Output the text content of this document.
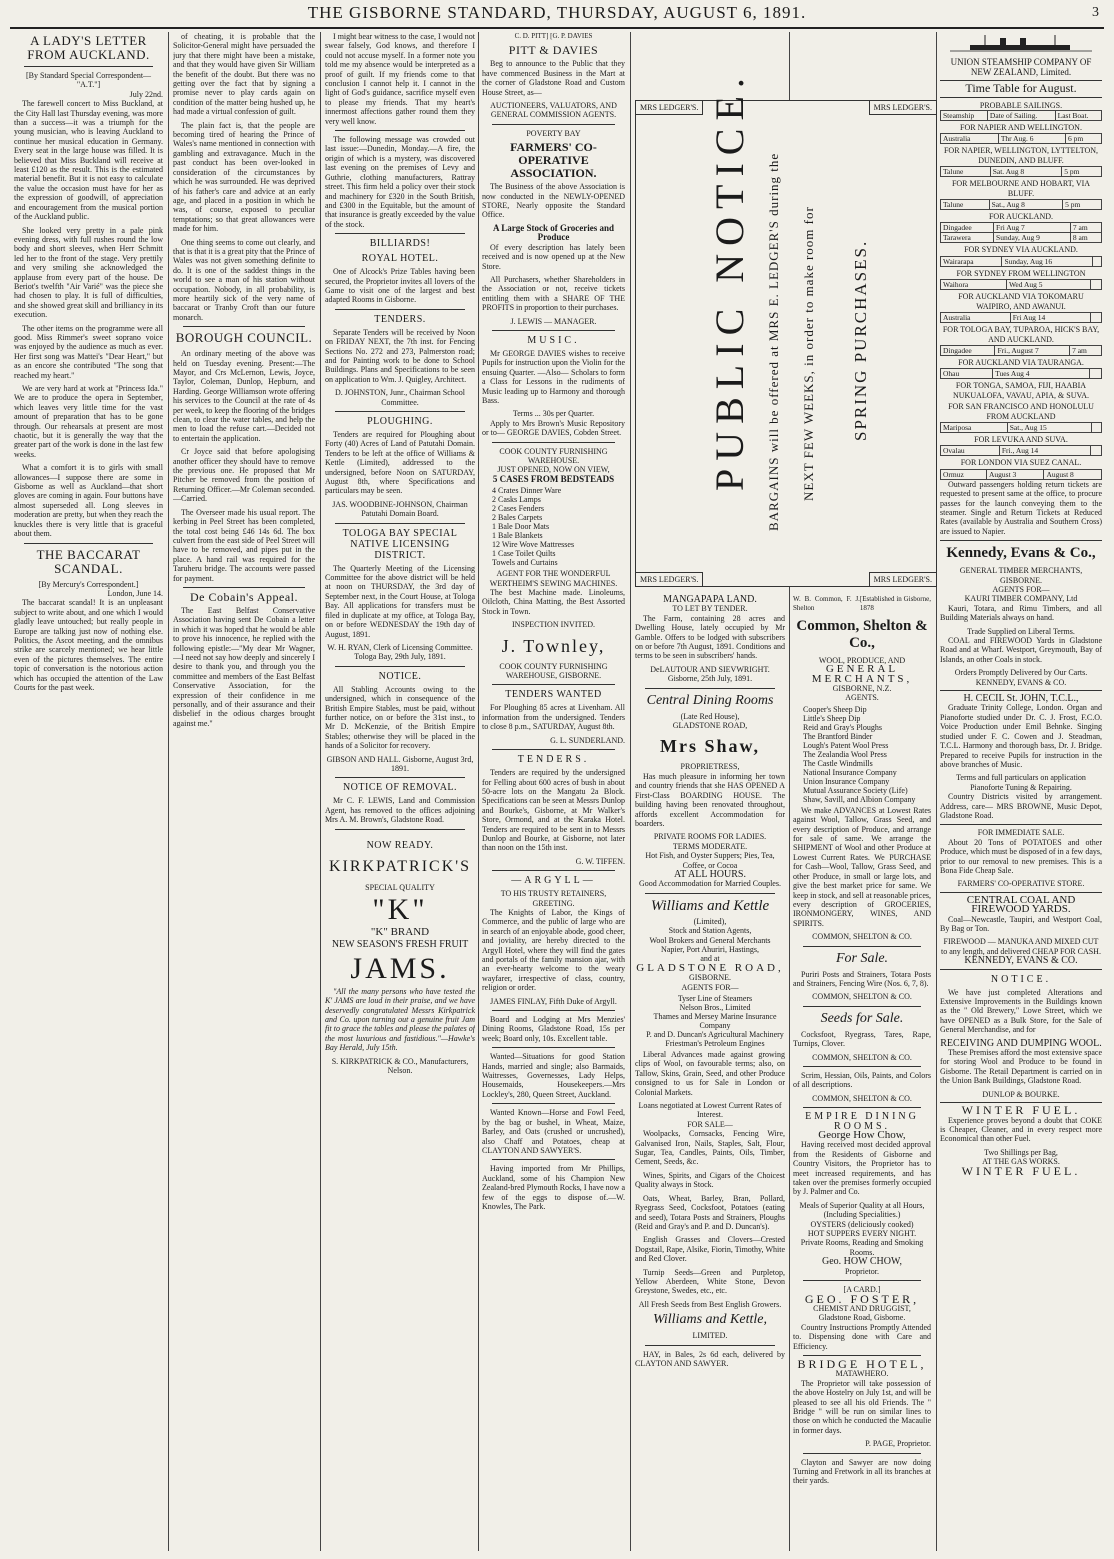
THE GISBORNE STANDARD, THURSDAY, AUGUST 6, 1891.	3
A LADY'S LETTER FROM AUCKLAND.
[By Standard Special Correspondent— "A.T."]
July 22nd.

The farewell concert to Miss Buckland, at the City Hall last Thursday evening, was more than a success—it was a triumph for the young musician, who is leaving Auckland to continue her musical education in Germany. Every seat in the large house was filled. It is believed that Miss Buckland will receive at least £120 as the result. This is the estimated material benefit. But it is not easy to calculate the value the occasion must have for her as the expression of goodwill, of appreciation and encouragement from the musical portion of the Auckland public.

She looked very pretty in a pale pink evening dress, with full rushes round the low body and short sleeves, when Herr Schmitt led her to the front of the stage. Very prettily and very smiling she acknowledged the applause from every part of the house. De Beriot's twelfth "Air Varié" was the piece she had chosen to play. It is full of difficulties, and she showed great skill and brilliancy in its execution.

The other items on the programme were all good. Miss Rimmer's sweet soprano voice was enjoyed by the audience as much as ever. Her first song was Mattei's "Dear Heart," but as an encore she contributed "The song that reached my heart."

We are very hard at work at "Princess Ida." We are to produce the opera in September, which leaves very little time for the vast amount of preparation that has to be gone through. Our rehearsals at present are most chaotic, but it is generally the way that the greater part of the work is done in the last few weeks.

What a comfort it is to girls with small allowances—I suppose there are some in Gisborne as well as Auckland—that short gloves are coming in again. Four buttons have almost superseded all. Long sleeves in moderation are pretty, but when they reach the knuckles there is very little that is graceful about them.

THE BACCARAT SCANDAL.
[By Mercury's Correspondent.]
London, June 14.

The baccarat scandal! It is an unpleasant subject to write about, and one which I would gladly leave untouched; but really people in Europe are talking just now of nothing else. Politics, the Ascot meeting, and the omnibus strike are scarcely mentioned; we hear little even of the pictures themselves. The entire topic of conversation is the notorious action which has occupied the attention of the Law Courts for the past week.

of cheating, it is probable that the Solicitor-General might have persuaded the jury that there might have been a mistake, and that they would have given Sir William the benefit of the doubt. But there was no getting over the fact that by signing a promise never to play cards again on condition of the matter being hushed up, he had made a virtual confession of guilt.

The plain fact is, that the people are becoming tired of hearing the Prince of Wales's name mentioned in connection with gambling and extravagance. Much in the past conduct has been over-looked in consideration of the circumstances by which he was surrounded. He was deprived of his father's care and advice at an early age, and placed in a position in which he was, of course, exposed to peculiar temptations; so that great allowances were made for him.

One thing seems to come out clearly, and that is that it is a great pity that the Prince of Wales was not given something definite to do. It is one of the saddest things in the world to see a man of his station without occupation. Nobody, in all probability, is more heartily sick of the very name of baccarat or Tranby Croft than our future monarch.

BOROUGH COUNCIL.

An ordinary meeting of the above was held on Tuesday evening. Present:—The Mayor, and Crs McLernon, Lewis, Joyce, Taylor, Coleman, Dunlop, Hepburn, and Harding. George Williamson wrote offering his services to the Council at the rate of 4s per week, to keep the flooring of the bridges clean, to clear the water tables, and help the men to load the refuse cart.—Decided not to entertain the application.

Cr Joyce said that before apologising another officer they should have to remove the previous one. He proposed that Mr Pitcher be removed from the position of Returning Officer.—Mr Coleman seconded.—Carried.

The Overseer made his usual report. The kerbing in Peel Street has been completed, the total cost being £46 14s 6d. The box culvert from the east side of Peel Street will have to be removed, and pipes put in the place. A hand rail was required for the Taruheru bridge. The accounts were passed for payment.

De Cobain's Appeal.

The East Belfast Conservative Association having sent De Cobain a letter in which it was hoped that he would be able to prove his innocence, he replied with the following epistle:—"My dear Mr Wagner,—I need not say how deeply and sincerely I desire to thank you, and through you the committee and members of the East Belfast Conservative Association, for the expression of their confidence in me personally, and of their assurance and their disbelief in the odious charges brought against me."

I might bear witness to the case, I would not swear falsely, God knows, and therefore I could not accuse myself. In a former note you told me my absence would be interpreted as a proof of guilt. If my friends come to that conclusion I cannot help it. I cannot in the light of God's guidance, sacrifice myself even to please my friends. That my heart's innermost affections gather round them they very well know.

The following message was crowded out last issue:—Dunedin, Monday.—A fire, the origin of which is a mystery, was discovered last evening on the premises of Levy and Guthrie, clothing manufacturers, Rattray street. This firm held a policy over their stock and machinery for £320 in the South British, and £300 in the Equitable, but the amount of that insurance is greatly exceeded by the value of the stock.

BILLIARDS!
ROYAL HOTEL.

One of Alcock's Prize Tables having been secured, the Proprietor invites all lovers of the Game to visit one of the largest and best adapted Rooms in Gisborne.

TENDERS.

Separate Tenders will be received by Noon on FRIDAY NEXT, the 7th inst. for Fencing Sections No. 272 and 273, Palmerston road; and for Painting work to be done to School Buildings. Plans and Specifications to be seen on application to Wm. J. Quigley, Architect.

D. JOHNSTON, Junr., Chairman School Committee.
PLOUGHING.

Tenders are required for Ploughing about Forty (40) Acres of Land of Patutahi Domain. Tenders to be left at the office of Williams & Kettle (Limited), addressed to the undersigned, before Noon on SATURDAY, August 8th, where Specifications and particulars may be seen.

JAS. WOODBINE-JOHNSON, Chairman Patutahi Domain Board.
TOLOGA BAY SPECIAL NATIVE LICENSING DISTRICT.

The Quarterly Meeting of the Licensing Committee for the above district will be held at noon on THURSDAY, the 3rd day of September next, in the Court House, at Tologa Bay. All applications for transfers must be filed in duplicate at my office, at Tologa Bay, on or before WEDNESDAY the 19th day of August, 1891.

W. H. RYAN, Clerk of Licensing Committee. Tologa Bay, 29th July, 1891.
NOTICE.

All Stabling Accounts owing to the undersigned, which in consequence of the British Empire Stables, must be paid, without further notice, on or before the 31st inst., to Mr D. McKenzie, of the British Empire Stables; otherwise they will be placed in the hands of a Solicitor for recovery.

GIBSON AND HALL. Gisborne, August 3rd, 1891.
NOTICE OF REMOVAL.

Mr C. F. LEWIS, Land and Commission Agent, has removed to the offices adjoining Mrs A. M. Brown's, Gladstone Road.

NOW READY.
KIRKPATRICK'S
SPECIAL QUALITY
"K"
"K" BRAND
NEW SEASON'S FRESH FRUIT
JAMS.

"All the many persons who have tested the K' JAMS are loud in their praise, and we have deservedly congratulated Messrs Kirkpatrick and Co. upon turning out a genuine fruit Jam fit to grace the tables and please the palates of the most luxurious and fastidious."—Hawke's Bay Herald, July 15th.

S. KIRKPATRICK & CO., Manufacturers, Nelson.
C. D. PITT] [G. P. DAVIES
PITT & DAVIES

Beg to announce to the Public that they have commenced Business in the Mart at the corner of Gladstone Road and Custom House Street, as—

AUCTIONEERS, VALUATORS, AND GENERAL COMMISSION AGENTS.
POVERTY BAY
FARMERS' CO-OPERATIVE ASSOCIATION.

The Business of the above Association is now conducted in the NEWLY-OPENED STORE, Nearly opposite the Standard Office.

A Large Stock of Groceries and Produce

Of every description has lately been received and is now opened up at the New Store.

All Purchasers, whether Shareholders in the Association or not, receive tickets entitling them with a SHARE OF THE PROFITS in proportion to their purchases.

J. LEWIS — MANAGER.
MUSIC.

Mr GEORGE DAVIES wishes to receive Pupils for instruction upon the Violin for the ensuing Quarter. —Also— Scholars to form a Class for Lessons in the rudiments of Music leading up to Harmony and thorough Bass.

Terms ... 30s per Quarter.

Apply to Mrs Brown's Music Repository or to— GEORGE DAVIES, Cobden Street.

COOK COUNTY FURNISHING WAREHOUSE.
JUST OPENED, NOW ON VIEW,
5 CASES FROM BEDSTEADS
4 Crates Dinner Ware
2 Casks Lamps
2 Cases Fenders
2 Bales Carpets
1 Bale Door Mats
1 Bale Blankets
12 Wire Wove Mattresses
1 Case Toilet Quilts
Towels and Curtains
AGENT FOR THE WONDERFUL WERTHEIM'S SEWING MACHINES.

The best Machine made. Linoleums, Oilcloth, China Matting, the Best Assorted Stock in Town.

INSPECTION INVITED.
J. Townley,
COOK COUNTY FURNISHING WAREHOUSE, GISBORNE.
TENDERS WANTED

For Ploughing 85 acres at Livenham. All information from the undersigned. Tenders to close 8 p.m., SATURDAY, August 8th.

G. L. SUNDERLAND.
TENDERS.

Tenders are required by the undersigned for Felling about 600 acres of bush in about 50-acre lots on the Mangatu 2a Block. Specifications can be seen at Messrs Dunlop and Bourke's, Gisborne, at Mr Walker's Store, Ormond, and at the Karaka Hotel. Tenders are required to be sent in to Messrs Dunlop and Bourke, at Gisborne, not later than noon on the 15th inst.

G. W. TIFFEN.
—ARGYLL—
TO HIS TRUSTY RETAINERS, GREETING.

The Knights of Labor, the Kings of Commerce, and the public of large who are in search of an enjoyable abode, good cheer, and joviality, are hereby directed to the Argyll Hotel, where they will find the gates and portals of the family mansion ajar, with an ever-hearty welcome to the weary wayfarer, irrespective of class, country, religion or order.

JAMES FINLAY, Fifth Duke of Argyll.

Board and Lodging at Mrs Menzies' Dining Rooms, Gladstone Road, 15s per week; Board only, 10s. Excellent table.

Wanted—Situations for good Station Hands, married and single; also Barmaids, Waitresses, Governesses, Lady Helps, Housemaids, Housekeepers.—Mrs Lockley's, 280, Queen Street, Auckland.

Wanted Known—Horse and Fowl Feed, by the bag or bushel, in Wheat, Maize, Barley, and Oats (crushed or uncrushed), also Chaff and Potatoes, cheap at CLAYTON AND SAWYER'S.

Having imported from Mr Phillips, Auckland, some of his Champion New Zealand-bred Plymouth Rocks, I have now a few of the eggs to dispose of.—W. Knowles, The Park.

MRS LEDGER'S.	MRS LEDGER'S.
MRS LEDGER'S.	MRS LEDGER'S.
PUBLIC NOTICE. BARGAINS will be offered at MRS E. LEDGER'S during the NEXT FEW WEEKS, in order to make room for SPRING PURCHASES.
MANGAPAPA LAND.
TO LET BY TENDER.

The Farm, containing 28 acres and Dwelling House, lately occupied by Mr Gamble. Offers to be lodged with subscribers on or before 7th August, 1891. Conditions and terms to be seen in subscribers' hands.

DeLAUTOUR AND SIEVWRIGHT. Gisborne, 25th July, 1891.
Central Dining Rooms
(Late Red House),
GLADSTONE ROAD,
Mrs Shaw,
PROPRIETRESS,

Has much pleasure in informing her town and country friends that she HAS OPENED A First-Class BOARDING HOUSE. The building having been renovated throughout, affords excellent Accommodation for boarders.

PRIVATE ROOMS FOR LADIES.
TERMS MODERATE.
Hot Fish, and Oyster Suppers; Pies, Tea, Coffee, or Cocoa
AT ALL HOURS.
Good Accommodation for Married Couples.
Williams and Kettle
(Limited),
Stock and Station Agents,
Wool Brokers and General Merchants
Napier, Port Ahuriri, Hastings,
and at
GLADSTONE ROAD,
GISBORNE.
AGENTS FOR—
Tyser Line of Steamers
Nelson Bros., Limited
Thames and Mersey Marine Insurance Company
P. and D. Duncan's Agricultural Machinery
Friestman's Petroleum Engines

Liberal Advances made against growing clips of Wool, on favourable terms; also, on Tallow, Skins, Grain, Seed, and other Produce consigned to us for Sale in London or Colonial Markets.

Loans negotiated at Lowest Current Rates of Interest.
FOR SALE—

Woolpacks, Cornsacks, Fencing Wire, Galvanised Iron, Nails, Staples, Salt, Flour, Sugar, Tea, Candles, Paints, Oils, Timber, Cement, Seeds, &c.

Wines, Spirits, and Cigars of the Choicest Quality always in Stock.

Oats, Wheat, Barley, Bran, Pollard, Ryegrass Seed, Cocksfoot, Potatoes (eating and seed), Totara Posts and Strainers, Ploughs (Reid and Gray's and P. and D. Duncan's).

English Grasses and Clovers—Crested Dogstail, Rape, Alsike, Fiorin, Timothy, White and Red Clover.

Turnip Seeds—Green and Purpletop, Yellow Aberdeen, White Stone, Devon Greystone, Swedes, etc., etc.

All Fresh Seeds from Best English Growers.
Williams and Kettle,
LIMITED.

HAY, in Bales, 2s 6d each, delivered by CLAYTON AND SAWYER.

W. B. Common, F. J. Shelton
[Established in Gisborne, 1878
Common, Shelton & Co.,
WOOL, PRODUCE, AND
GENERAL MERCHANTS,
GISBORNE, N.Z.
AGENTS.
Cooper's Sheep Dip
Little's Sheep Dip
Reid and Gray's Ploughs
The Brantford Binder
Lough's Patent Wool Press
The Zealandia Wool Press
The Castle Windmills
National Insurance Company
Union Insurance Company
Mutual Assurance Society (Life)
Shaw, Savill, and Albion Company

We make ADVANCES at Lowest Rates against Wool, Tallow, Grass Seed, and every description of Produce, and arrange for sale of same. We arrange the SHIPMENT of Wool and other Produce at Lowest Current Rates. We PURCHASE for Cash—Wool, Tallow, Grass Seed, and other Produce, in small or large lots, and give the best market price for same. We keep in stock, and sell at reasonable prices, every description of GROCERIES, IRONMONGERY, WINES, AND SPIRITS.

COMMON, SHELTON & CO.
For Sale.

Puriri Posts and Strainers, Totara Posts and Strainers, Fencing Wire (Nos. 6, 7, 8).

COMMON, SHELTON & CO.
Seeds for Sale.

Cocksfoot, Ryegrass, Tares, Rape, Turnips, Clover.

COMMON, SHELTON & CO.

Scrim, Hessian, Oils, Paints, and Colors of all descriptions.

COMMON, SHELTON & CO.
EMPIRE DINING ROOMS.
George How Chow,

Having received most decided approval from the Residents of Gisborne and Country Visitors, the Proprietor has to meet increased requirements, and has taken over the premises formerly occupied by J. Palmer and Co.

Meals of Superior Quality at all Hours, (Including Specialities.)
OYSTERS (deliciously cooked)
HOT SUPPERS EVERY NIGHT.
Private Rooms, Reading and Smoking Rooms.
Geo. HOW CHOW,
Proprietor.
[A CARD.]
GEO. FOSTER,
CHEMIST AND DRUGGIST,
Gladstone Road, Gisborne.

Country Instructions Promptly Attended to. Dispensing done with Care and Efficiency.

BRIDGE HOTEL,
MATAWHERO.

The Proprietor will take possession of the above Hostelry on July 1st, and will be pleased to see all his old Friends. The " Bridge " will be run on similar lines to those on which he conducted the Macaulie in former days.

P. PAGE, Proprietor.

Clayton and Sawyer are now doing Turning and Fretwork in all its branches at their yards.

UNION STEAMSHIP COMPANY OF NEW ZEALAND, Limited.
Time Table for August.
PROBABLE SAILINGS.
Steamship	Date of Sailing.	Last Boat.
FOR NAPIER AND WELLINGTON.
Australia	Thr Aug. 6	6 pm
FOR NAPIER, WELLINGTON, LYTTELTON, DUNEDIN, AND BLUFF.
Talune	Sat. Aug 8	5 pm
FOR MELBOURNE AND HOBART, VIA BLUFF.
Talune	Sat., Aug 8	5 pm
FOR AUCKLAND.
Dingadee	Fri Aug 7	7 am
Tarawera	Sunday, Aug 9	8 am
FOR SYDNEY VIA AUCKLAND.
Wairarapa	Sunday, Aug 16	
FOR SYDNEY FROM WELLINGTON
Waihora	Wed Aug 5	
FOR AUCKLAND VIA TOKOMARU WAIPIRO, AND AWANUI.
Australia	Fri Aug 14	
FOR TOLOGA BAY, TUPAROA, HICK'S BAY, AND AUCKLAND.
Dingadee	Fri., August 7	7 am
FOR AUCKLAND VIA TAURANGA.
Ohau	Tues Aug 4	
FOR TONGA, SAMOA, FIJI, HAABIA NUKUALOFA, VAVAU, APIA, & SUVA.
FOR SAN FRANCISCO AND HONOLULU FROM AUCKLAND
Mariposa	Sat., Aug 15	
FOR LEVUKA AND SUVA.
Ovalau	Fri., Aug 14	
FOR LONDON VIA SUEZ CANAL.
Ormuz	August 3	August 8

Outward passengers holding return tickets are requested to present same at the office, to procure passes for the launch conveying them to the steamer. Single and Return Tickets at Reduced Rates (available by Australia and Southern Cross) are issued to Napier.

Kennedy, Evans & Co.,
GENERAL TIMBER MERCHANTS, GISBORNE.
AGENTS FOR—
KAURI TIMBER COMPANY, Ltd

Kauri, Totara, and Rimu Timbers, and all Building Materials always on hand.

Trade Supplied on Liberal Terms.

COAL and FIREWOOD Yards in Gladstone Road and at Wharf. Westport, Greymouth, Bay of Islands, an other Coals in stock.

Orders Promptly Delivered by Our Carts.
KENNEDY, EVANS & CO.
H. CECIL St. JOHN, T.C.L.,

Graduate Trinity College, London. Organ and Pianoforte studied under Dr. C. J. Frost, F.C.O. Voice Production under Emil Behnke. Singing studied under F. C. Cowen and J. Steadman, T.C.L. Harmony and thorough bass, Dr. J. Bridge. Prepared to receive Pupils for instruction in the above branches of Music.

Terms and full particulars on application
Pianoforte Tuning & Repairing.

Country Districts visited by arrangement. Address, care— MRS BROWNE, Music Depot, Gladstone Road.

FOR IMMEDIATE SALE.

About 20 Tons of POTATOES and other Produce, which must be disposed of in a few days, prior to our removal to new premises. This is a Bona Fide Cheap Sale.

FARMERS' CO-OPERATIVE STORE.
CENTRAL COAL AND FIREWOOD YARDS.

Coal—Newcastle, Taupiri, and Westport Coal, By Bag or Ton.

FIREWOOD — MANUKA AND MIXED CUT to any length, and delivered CHEAP FOR CASH.
KENNEDY, EVANS & CO.
NOTICE.

We have just completed Alterations and Extensive Improvements in the Buildings known as the " Old Brewery," Lowe Street, which we have OPENED as a Bulk Store, for the Sale of General Merchandise, and for

RECEIVING AND DUMPING WOOL.

These Premises afford the most extensive space for storing Wool and Produce to be found in Gisborne. The Retail Department is carried on in the Union Bank Buildings, Gladstone Road.

DUNLOP & BOURKE.
WINTER FUEL.

Experience proves beyond a doubt that COKE is Cheaper, Cleaner, and in every respect more Economical than other Fuel.

Two Shillings per Bag,
AT THE GAS WORKS.
WINTER FUEL.
